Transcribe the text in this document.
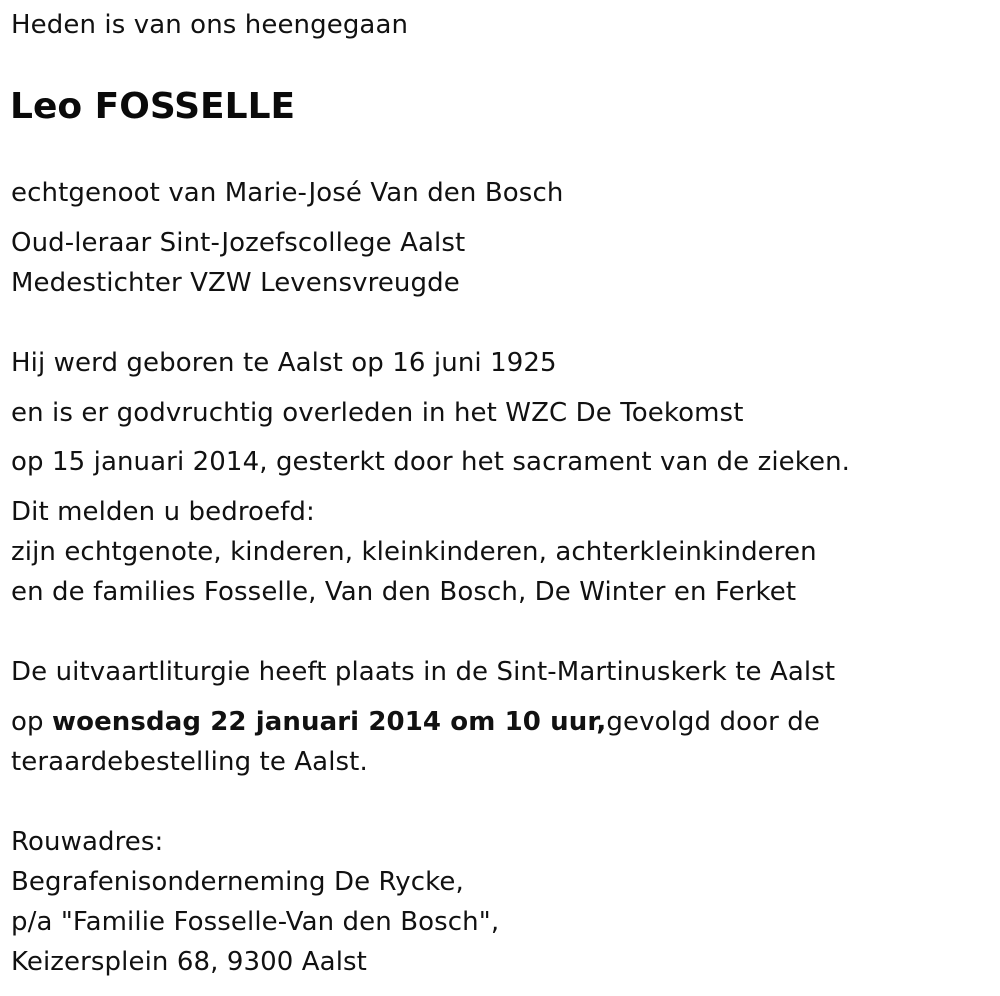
Heden is van ons heengegaan
Leo FOSSELLE
echtgenoot van Marie-José Van den Bosch
Oud-leraar Sint-Jozefscollege Aalst
Medestichter VZW Levensvreugde
Hij werd geboren te Aalst op 16 juni 1925
en is er godvruchtig overleden in het WZC De Toekomst
op 15 januari 2014, gesterkt door het sacrament van de zieken.
Dit melden u bedroefd:
zijn echtgenote, kinderen, kleinkinderen, achterkleinkinderen
en de families Fosselle, Van den Bosch, De Winter en Ferket
De uitvaartliturgie heeft plaats in de Sint-Martinuskerk te Aalst
op woensdag 22 januari 2014 om 10 uur,gevolgd door de
teraardebestelling te Aalst.
Rouwadres:
Begrafenisonderneming De Rycke,
p/a "Familie Fosselle-Van den Bosch",
Keizersplein 68, 9300 Aalst
